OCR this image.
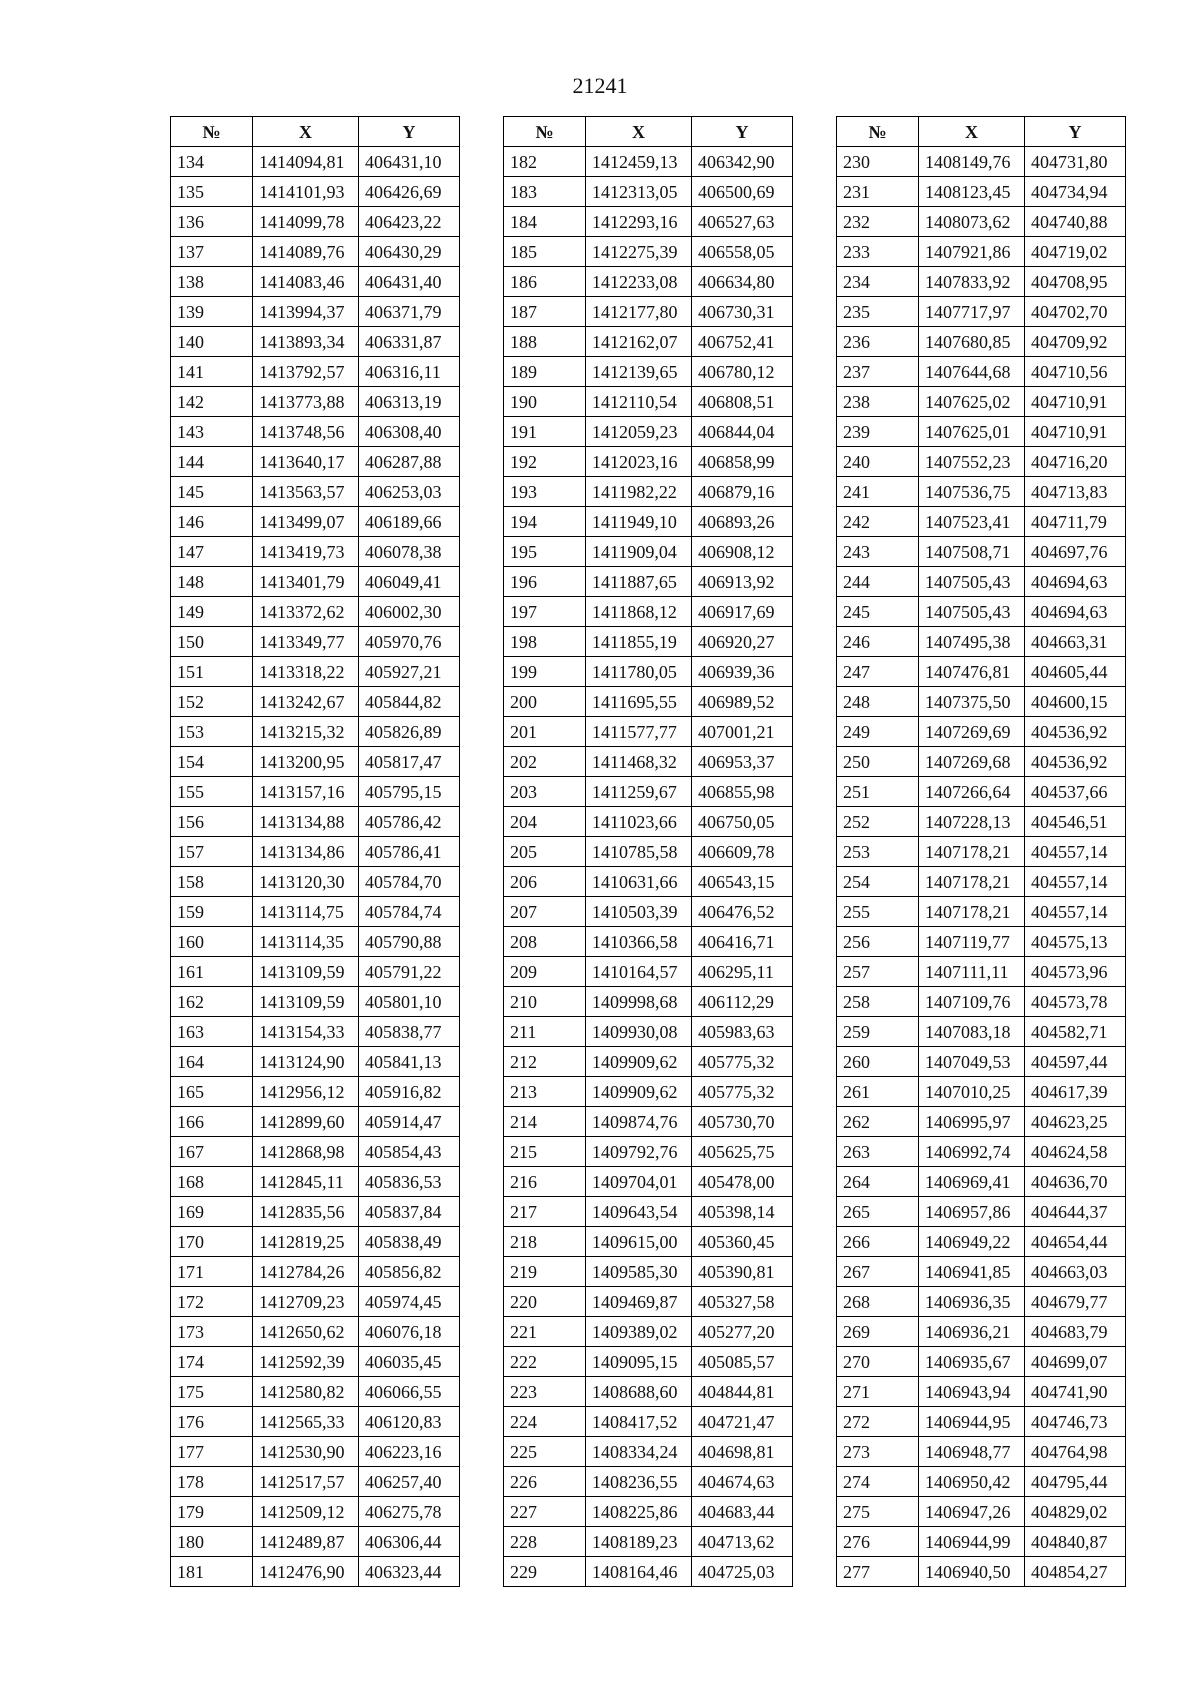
21241
№	X	Y
134	1414094,81	406431,10
135	1414101,93	406426,69
136	1414099,78	406423,22
137	1414089,76	406430,29
138	1414083,46	406431,40
139	1413994,37	406371,79
140	1413893,34	406331,87
141	1413792,57	406316,11
142	1413773,88	406313,19
143	1413748,56	406308,40
144	1413640,17	406287,88
145	1413563,57	406253,03
146	1413499,07	406189,66
147	1413419,73	406078,38
148	1413401,79	406049,41
149	1413372,62	406002,30
150	1413349,77	405970,76
151	1413318,22	405927,21
152	1413242,67	405844,82
153	1413215,32	405826,89
154	1413200,95	405817,47
155	1413157,16	405795,15
156	1413134,88	405786,42
157	1413134,86	405786,41
158	1413120,30	405784,70
159	1413114,75	405784,74
160	1413114,35	405790,88
161	1413109,59	405791,22
162	1413109,59	405801,10
163	1413154,33	405838,77
164	1413124,90	405841,13
165	1412956,12	405916,82
166	1412899,60	405914,47
167	1412868,98	405854,43
168	1412845,11	405836,53
169	1412835,56	405837,84
170	1412819,25	405838,49
171	1412784,26	405856,82
172	1412709,23	405974,45
173	1412650,62	406076,18
174	1412592,39	406035,45
175	1412580,82	406066,55
176	1412565,33	406120,83
177	1412530,90	406223,16
178	1412517,57	406257,40
179	1412509,12	406275,78
180	1412489,87	406306,44
181	1412476,90	406323,44
№	X	Y
182	1412459,13	406342,90
183	1412313,05	406500,69
184	1412293,16	406527,63
185	1412275,39	406558,05
186	1412233,08	406634,80
187	1412177,80	406730,31
188	1412162,07	406752,41
189	1412139,65	406780,12
190	1412110,54	406808,51
191	1412059,23	406844,04
192	1412023,16	406858,99
193	1411982,22	406879,16
194	1411949,10	406893,26
195	1411909,04	406908,12
196	1411887,65	406913,92
197	1411868,12	406917,69
198	1411855,19	406920,27
199	1411780,05	406939,36
200	1411695,55	406989,52
201	1411577,77	407001,21
202	1411468,32	406953,37
203	1411259,67	406855,98
204	1411023,66	406750,05
205	1410785,58	406609,78
206	1410631,66	406543,15
207	1410503,39	406476,52
208	1410366,58	406416,71
209	1410164,57	406295,11
210	1409998,68	406112,29
211	1409930,08	405983,63
212	1409909,62	405775,32
213	1409909,62	405775,32
214	1409874,76	405730,70
215	1409792,76	405625,75
216	1409704,01	405478,00
217	1409643,54	405398,14
218	1409615,00	405360,45
219	1409585,30	405390,81
220	1409469,87	405327,58
221	1409389,02	405277,20
222	1409095,15	405085,57
223	1408688,60	404844,81
224	1408417,52	404721,47
225	1408334,24	404698,81
226	1408236,55	404674,63
227	1408225,86	404683,44
228	1408189,23	404713,62
229	1408164,46	404725,03
№	X	Y
230	1408149,76	404731,80
231	1408123,45	404734,94
232	1408073,62	404740,88
233	1407921,86	404719,02
234	1407833,92	404708,95
235	1407717,97	404702,70
236	1407680,85	404709,92
237	1407644,68	404710,56
238	1407625,02	404710,91
239	1407625,01	404710,91
240	1407552,23	404716,20
241	1407536,75	404713,83
242	1407523,41	404711,79
243	1407508,71	404697,76
244	1407505,43	404694,63
245	1407505,43	404694,63
246	1407495,38	404663,31
247	1407476,81	404605,44
248	1407375,50	404600,15
249	1407269,69	404536,92
250	1407269,68	404536,92
251	1407266,64	404537,66
252	1407228,13	404546,51
253	1407178,21	404557,14
254	1407178,21	404557,14
255	1407178,21	404557,14
256	1407119,77	404575,13
257	1407111,11	404573,96
258	1407109,76	404573,78
259	1407083,18	404582,71
260	1407049,53	404597,44
261	1407010,25	404617,39
262	1406995,97	404623,25
263	1406992,74	404624,58
264	1406969,41	404636,70
265	1406957,86	404644,37
266	1406949,22	404654,44
267	1406941,85	404663,03
268	1406936,35	404679,77
269	1406936,21	404683,79
270	1406935,67	404699,07
271	1406943,94	404741,90
272	1406944,95	404746,73
273	1406948,77	404764,98
274	1406950,42	404795,44
275	1406947,26	404829,02
276	1406944,99	404840,87
277	1406940,50	404854,27
